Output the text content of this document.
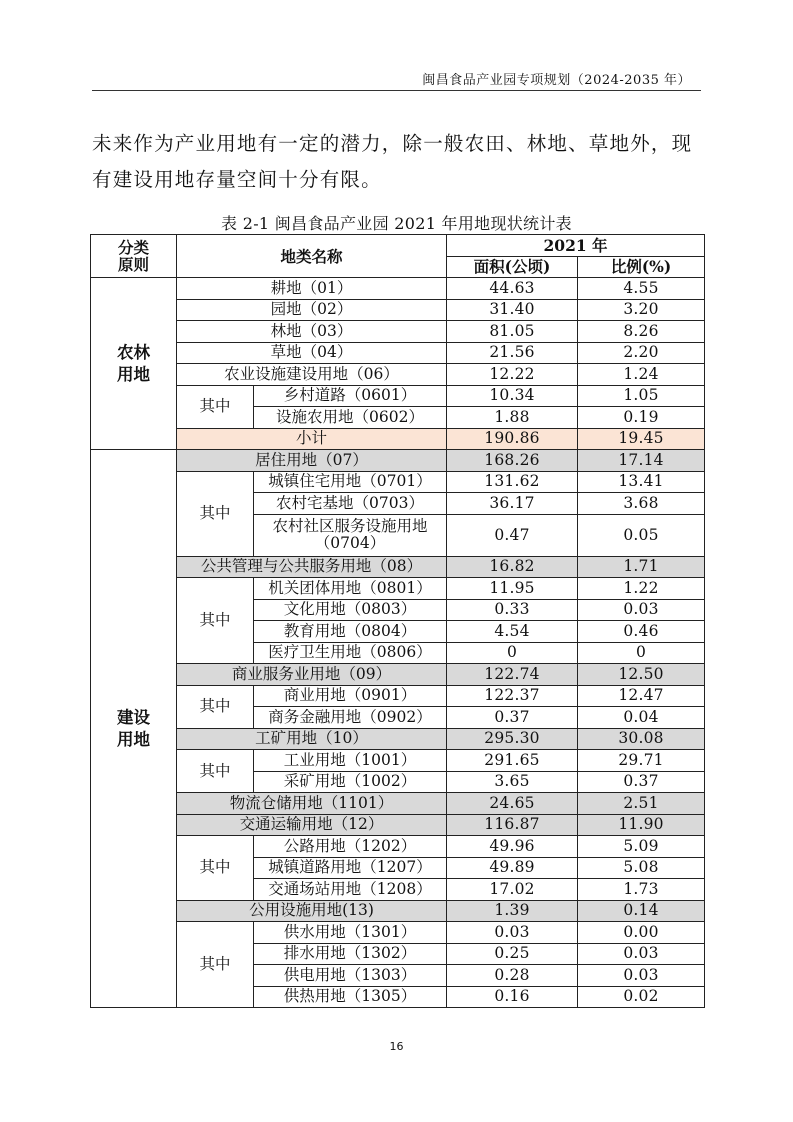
闽昌食品产业园专项规划（2024-2035 年）

未来作为产业用地有一定的潜力，除一般农田、林地、草地外，现

有建设用地存量空间十分有限。

表 2-1 闽昌食品产业园 2021 年用地现状统计表
分类
原则	地类名称		2021 年	
			面积(公顷)	比例(%)
农林
用地	耕地（01）		44.63	4.55
	园地（02）		31.40	3.20
	林地（03）		81.05	8.26
	草地（04）		21.56	2.20
	农业设施建设用地（06）		12.22	1.24
	其中	乡村道路（0601）	10.34	1.05
		设施农用地（0602）	1.88	0.19
	小计		190.86	19.45
建设
用地	居住用地（07）		168.26	17.14
	其中	城镇住宅用地（0701）	131.62	13.41
		农村宅基地（0703）	36.17	3.68
		农村社区服务设施用地
（0704）	0.47	0.05
	公共管理与公共服务用地（08）		16.82	1.71
	其中	机关团体用地（0801）	11.95	1.22
		文化用地（0803）	0.33	0.03
		教育用地（0804）	4.54	0.46
		医疗卫生用地（0806）	0	0
	商业服务业用地（09）		122.74	12.50
	其中	商业用地（0901）	122.37	12.47
		商务金融用地（0902）	0.37	0.04
	工矿用地（10）		295.30	30.08
	其中	工业用地（1001）	291.65	29.71
		采矿用地（1002）	3.65	0.37
	物流仓储用地（1101）		24.65	2.51
	交通运输用地（12）		116.87	11.90
	其中	公路用地（1202）	49.96	5.09
		城镇道路用地（1207）	49.89	5.08
		交通场站用地（1208）	17.02	1.73
	公用设施用地(13)		1.39	0.14
	其中	供水用地（1301）	0.03	0.00
		排水用地（1302）	0.25	0.03
		供电用地（1303）	0.28	0.03
		供热用地（1305）	0.16	0.02
16
